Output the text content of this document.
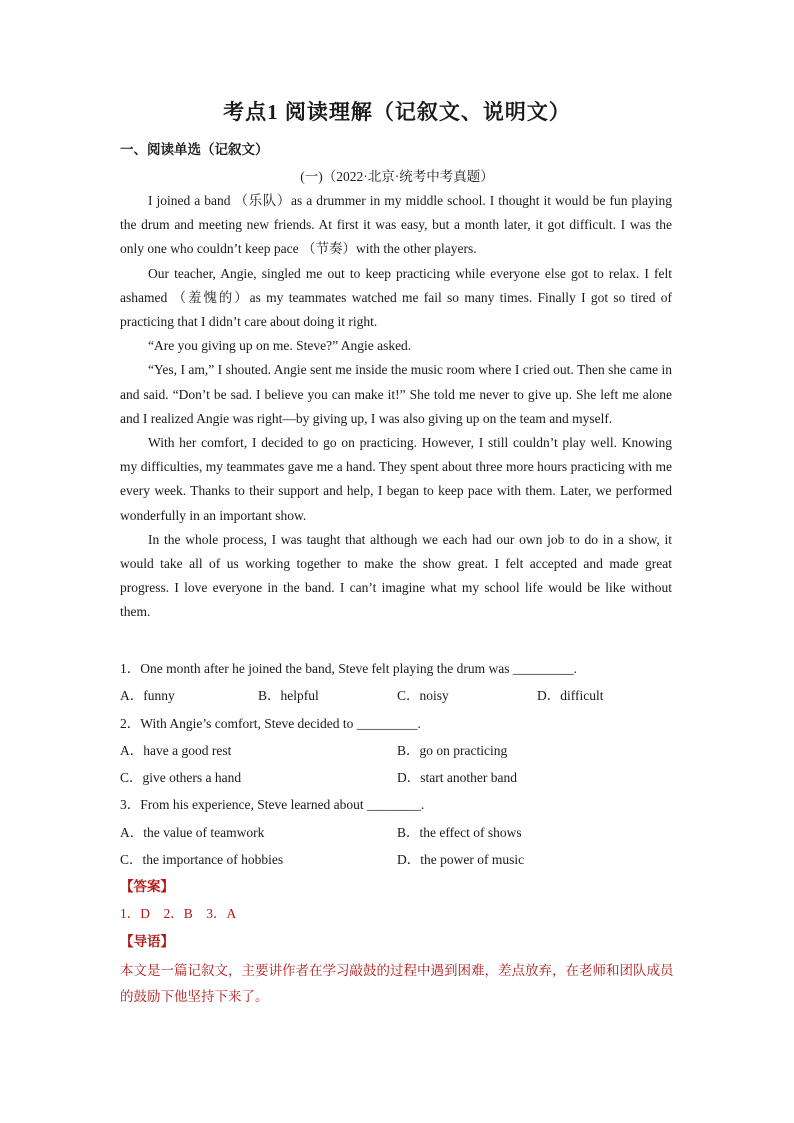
考点1 阅读理解（记叙文、说明文）
一、阅读单选（记叙文）
(一)（2022·北京·统考中考真题）

I joined a band （乐队）as a drummer in my middle school. I thought it would be fun playing the drum and meeting new friends. At first it was easy, but a month later, it got difficult. I was the only one who couldn’t keep pace （节奏）with the other players.

Our teacher, Angie, singled me out to keep practicing while everyone else got to relax. I felt ashamed （羞愧的）as my teammates watched me fail so many times. Finally I got so tired of practicing that I didn’t care about doing it right.

“Are you giving up on me. Steve?” Angie asked.

“Yes, I am,” I shouted. Angie sent me inside the music room where I cried out. Then she came in and said. “Don’t be sad. I believe you can make it!” She told me never to give up. She left me alone and I realized Angie was right—by giving up, I was also giving up on the team and myself.

With her comfort, I decided to go on practicing. However, I still couldn’t play well. Knowing my difficulties, my teammates gave me a hand. They spent about three more hours practicing with me every week. Thanks to their support and help, I began to keep pace with them. Later, we performed wonderfully in an important show.

In the whole process, I was taught that although we each had our own job to do in a show, it would take all of us working together to make the show great. I felt accepted and made great progress. I love everyone in the band. I can’t imagine what my school life would be like without them.

1．One month after he joined the band, Steve felt playing the drum was _________.
A．funny	B．helpful	C．noisy	D．difficult
2．With Angie’s comfort, Steve decided to _________.
A．have a good rest	B．go on practicing
C．give others a hand	D．start another band
3．From his experience, Steve learned about ________.
A．the value of teamwork	B．the effect of shows
C．the importance of hobbies	D．the power of music
【答案】
1．D　2．B　3．A
【导语】
本文是一篇记叙文，主要讲作者在学习敲鼓的过程中遇到困难，差点放弃，在老师和团队成员的鼓励下他坚持下来了。
